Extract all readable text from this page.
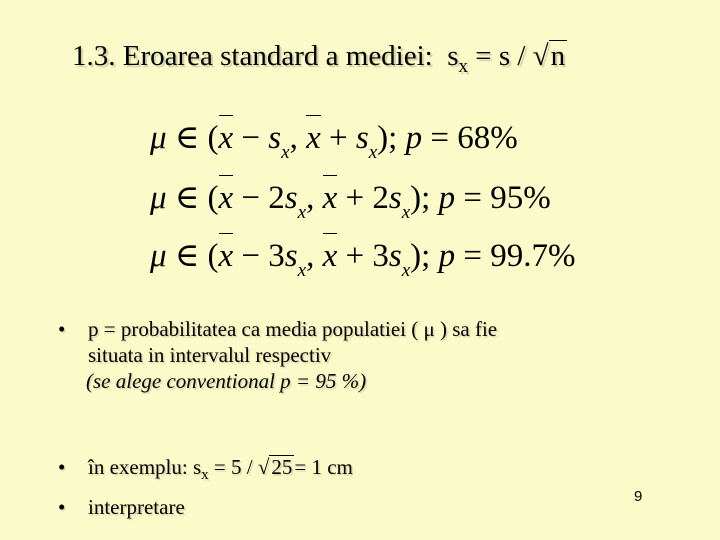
1.3. Eroarea standard a mediei: $s_x = s / √n$
μ ∈ ($x - s_x$, $x + s_x$); p = 68%
μ ∈ ($x - 2s_x$, $x + 2s_x$); p = 95%
μ ∈ ($x - 3s_x$, $x + 3s_x$); p = 99.7%
• p = probabilitatea ca media populatiei ( μ ) sa fie
situata in intervalul respectiv
(se alege conventional p = 95 %)
• în exemplu: $s_x = 5 / √25= 1$ cm
• interpretare	9
